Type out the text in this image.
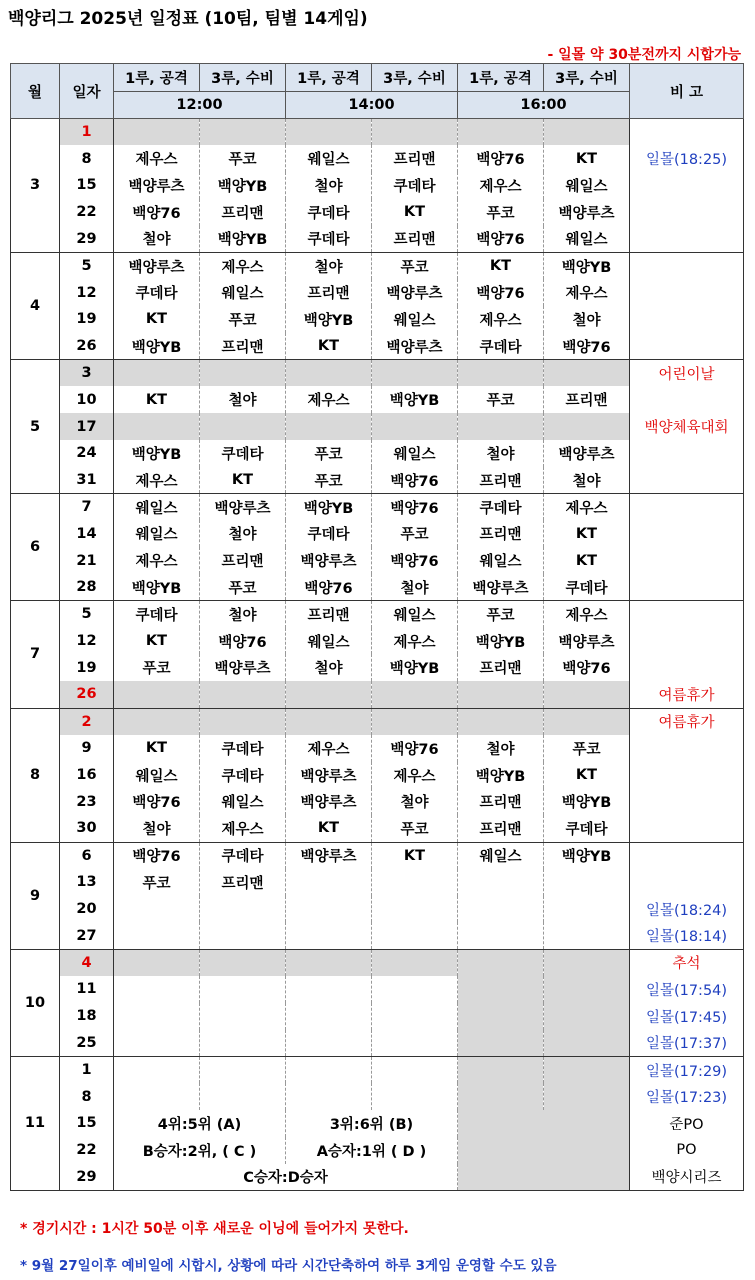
백양리그 2025년 일정표 (10팀, 팀별 14게임)
- 일몰 약 30분전까지 시합가능
월	일자	1루, 공격	3루, 수비	1루, 공격	3루, 수비	1루, 공격	3루, 수비	비 고
		12:00		14:00		16:00		
3	1							
	8	제우스	푸코	웨일스	프리맨	백양76	KT	일몰(18:25)
	15	백양루츠	백양YB	철야	쿠데타	제우스	웨일스	
	22	백양76	프리맨	쿠데타	KT	푸코	백양루츠	
	29	철야	백양YB	쿠데타	프리맨	백양76	웨일스	
4	5	백양루츠	제우스	철야	푸코	KT	백양YB	
	12	쿠데타	웨일스	프리맨	백양루츠	백양76	제우스	
	19	KT	푸코	백양YB	웨일스	제우스	철야	
	26	백양YB	프리맨	KT	백양루츠	쿠데타	백양76	
5	3							어린이날
	10	KT	철야	제우스	백양YB	푸코	프리맨	
	17							백양체육대회
	24	백양YB	쿠데타	푸코	웨일스	철야	백양루츠	
	31	제우스	KT	푸코	백양76	프리맨	철야	
6	7	웨일스	백양루츠	백양YB	백양76	쿠데타	제우스	
	14	웨일스	철야	쿠데타	푸코	프리맨	KT	
	21	제우스	프리맨	백양루츠	백양76	웨일스	KT	
	28	백양YB	푸코	백양76	철야	백양루츠	쿠데타	
7	5	쿠데타	철야	프리맨	웨일스	푸코	제우스	
	12	KT	백양76	웨일스	제우스	백양YB	백양루츠	
	19	푸코	백양루츠	철야	백양YB	프리맨	백양76	
	26							여름휴가
8	2							여름휴가
	9	KT	쿠데타	제우스	백양76	철야	푸코	
	16	웨일스	쿠데타	백양루츠	제우스	백양YB	KT	
	23	백양76	웨일스	백양루츠	철야	프리맨	백양YB	
	30	철야	제우스	KT	푸코	프리맨	쿠데타	
9	6	백양76	쿠데타	백양루츠	KT	웨일스	백양YB	
	13	푸코	프리맨					
	20							일몰(18:24)
	27							일몰(18:14)
10	4							추석
	11							일몰(17:54)
	18							일몰(17:45)
	25							일몰(17:37)
11	1							일몰(17:29)
	8							일몰(17:23)
	15	4위:5위 (A)		3위:6위 (B)				준PO
	22	B승자:2위, ( C )		A승자:1위 ( D )				PO
	29	C승자:D승자						백양시리즈
* 경기시간 : 1시간 50분 이후 새로운 이닝에 들어가지 못한다.
* 9월 27일이후 예비일에 시합시, 상황에 따라 시간단축하여 하루 3게임 운영할 수도 있음
